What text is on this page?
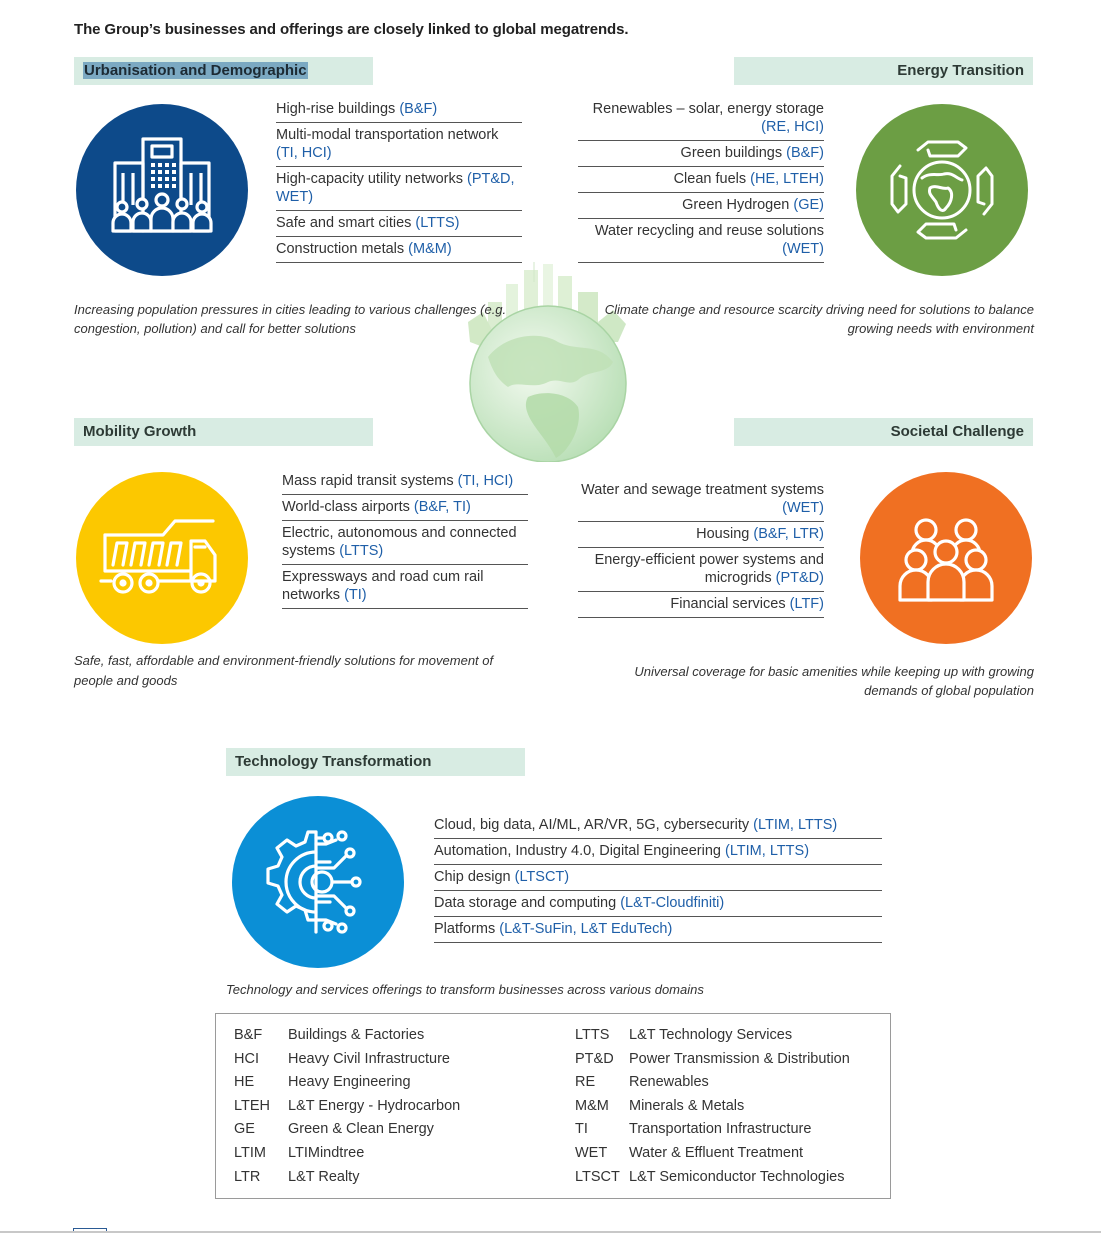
The Group’s businesses and offerings are closely linked to global megatrends.
Urbanisation and Demographic
High-rise buildings (B&F)
Multi-modal transportation network (TI, HCI)
High-capacity utility networks (PT&D, WET)
Safe and smart cities (LTTS)
Construction metals (M&M)
Increasing population pressures in cities leading to various challenges (e.g. congestion, pollution) and call for better solutions
Energy Transition
Renewables – solar, energy storage (RE, HCI)
Green buildings (B&F)
Clean fuels (HE, LTEH)
Green Hydrogen (GE)
Water recycling and reuse solutions (WET)
Climate change and resource scarcity driving need for solutions to balance growing needs with environment
Mobility Growth
Mass rapid transit systems (TI, HCI)
World-class airports (B&F, TI)
Electric, autonomous and connected systems (LTTS)
Expressways and road cum rail networks (TI)
Safe, fast, affordable and environment-friendly solutions for movement of people and goods
Societal Challenge
Water and sewage treatment systems (WET)
Housing (B&F, LTR)
Energy-efficient power systems and microgrids (PT&D)
Financial services (LTF)
Universal coverage for basic amenities while keeping up with growing demands of global population
Technology Transformation
Cloud, big data, AI/ML, AR/VR, 5G, cybersecurity (LTIM, LTTS)
Automation, Industry 4.0, Digital Engineering (LTIM, LTTS)
Chip design (LTSCT)
Data storage and computing (L&T-Cloudfiniti)
Platforms (L&T-SuFin, L&T EduTech)
Technology and services offerings to transform businesses across various domains
B&F Buildings & Factories
HCI Heavy Civil Infrastructure
HE Heavy Engineering
LTEH L&T Energy - Hydrocarbon
GE Green & Clean Energy
LTIM LTIMindtree
LTR L&T Realty
LTTS L&T Technology Services
PT&D Power Transmission & Distribution
RE Renewables
M&M Minerals & Metals
TI	Transportation Infrastructure
WET Water & Effluent Treatment
LTSCT L&T Semiconductor Technologies
